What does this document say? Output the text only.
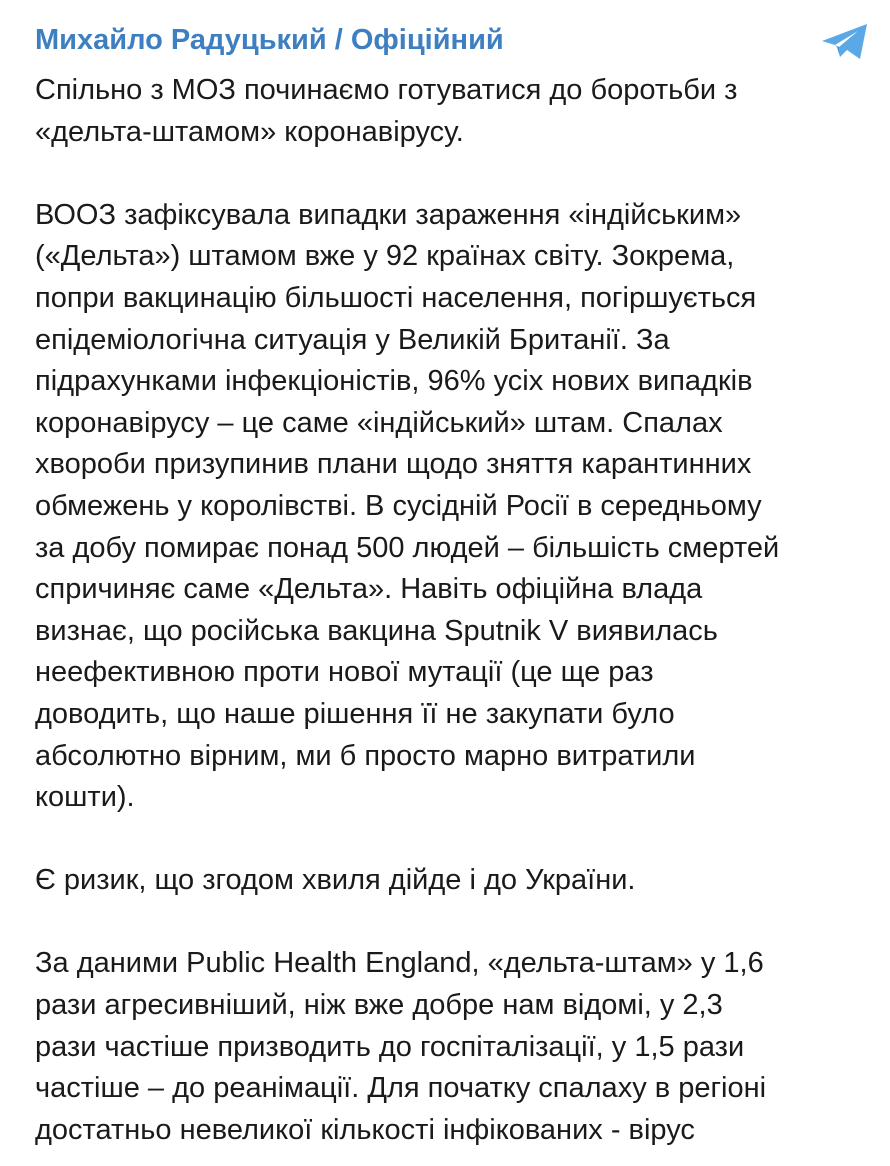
Михайло Радуцький / Офіційний

Спільно з МОЗ починаємо готуватися до боротьби з
«дельта-штамом» коронавірусу.

ВООЗ зафіксувала випадки зараження «індійським»
(«Дельта») штамом вже у 92 країнах світу. Зокрема,
попри вакцинацію більшості населення, погіршується
епідеміологічна ситуація у Великій Британії. За
підрахунками інфекціоністів, 96% усіх нових випадків
коронавірусу – це саме «індійський» штам. Спалах
хвороби призупинив плани щодо зняття карантинних
обмежень у королівстві. В сусідній Росії в середньому
за добу помирає понад 500 людей – більшість смертей
спричиняє саме «Дельта». Навіть офіційна влада
визнає, що російська вакцина Sputnik V виявилась
неефективною проти нової мутації (це ще раз
доводить, що наше рішення її не закупати було
абсолютно вірним, ми б просто марно витратили
кошти).

Є ризик, що згодом хвиля дійде і до України.

За даними Public Health England, «дельта-штам» у 1,6
рази агресивніший, ніж вже добре нам відомі, у 2,3
рази частіше призводить до госпіталізації, у 1,5 рази
частіше – до реанімації. Для початку спалаху в регіоні
достатньо невеликої кількості інфікованих - вірус
